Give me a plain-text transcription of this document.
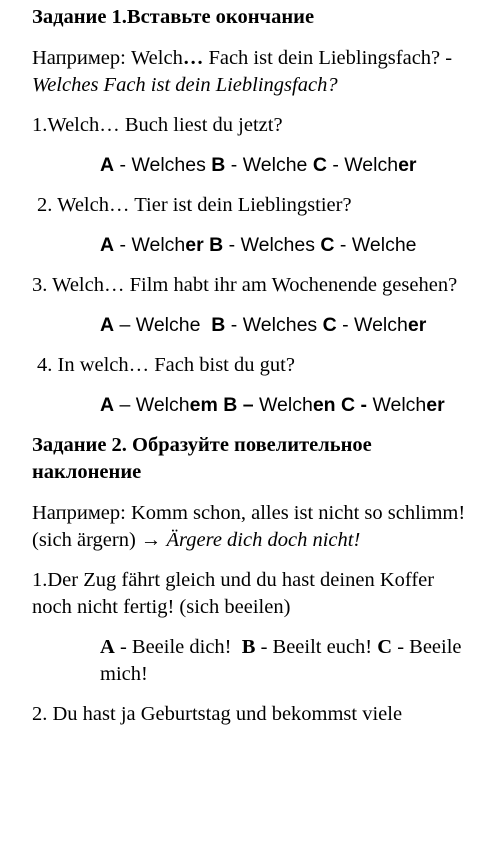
Задание 1.Вставьте окончание
Например: Welch… Fach ist dein Lieblingsfach? -     Welches Fach ist dein Lieblingsfach?
1.Welch… Buch liest du jetzt?
A - Welches B - Welche C - Welcher
2. Welch… Tier ist dein Lieblingstier?
A - Welcher B - Welches C - Welche
3. Welch… Film habt ihr am Wochenende gesehen?
A – Welche  B - Welches C - Welcher
4. In welch… Fach bist du gut?
A – Welchem B – Welchen C - Welcher
Задание 2. Образуйте повелительное наклонение
Например: Komm schon, alles ist nicht so schlimm! (sich ärgern) → Ärgere dich doch nicht!
1.Der Zug fährt gleich und du hast deinen Koffer noch nicht fertig! (sich beeilen)
A - Beeile dich!  B - Beeilt euch! C - Beeile mich!
2. Du hast ja Geburtstag und bekommst viele
